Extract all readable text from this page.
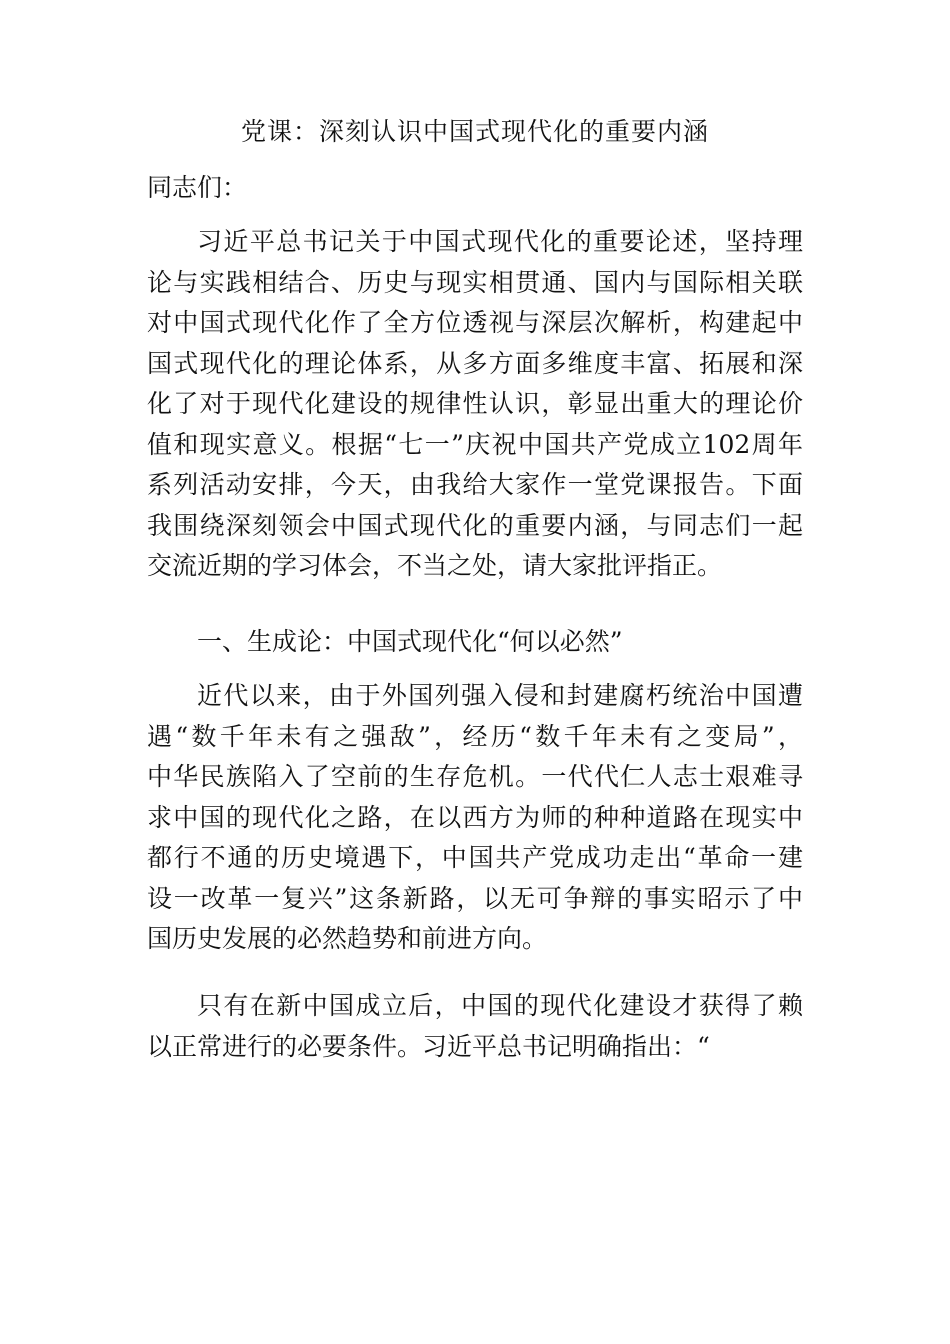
党课：深刻认识中国式现代化的重要内涵
同志们：
习近平总书记关于中国式现代化的重要论述，坚持理
论与实践相结合、历史与现实相贯通、国内与国际相关联
对中国式现代化作了全方位透视与深层次解析，构建起中
国式现代化的理论体系，从多方面多维度丰富、拓展和深
化了对于现代化建设的规律性认识，彰显出重大的理论价
值和现实意义。根据“七一”庆祝中国共产党成立102周年
系列活动安排，今天，由我给大家作一堂党课报告。下面
我围绕深刻领会中国式现代化的重要内涵，与同志们一起
交流近期的学习体会，不当之处，请大家批评指正。
一、生成论：中国式现代化“何以必然”
近代以来，由于外国列强入侵和封建腐朽统治中国遭
遇“数千年未有之强敌”，经历“数千年未有之变局”，
中华民族陷入了空前的生存危机。一代代仁人志士艰难寻
求中国的现代化之路，在以西方为师的种种道路在现实中
都行不通的历史境遇下，中国共产党成功走出“革命一建
设一改革一复兴”这条新路，以无可争辩的事实昭示了中
国历史发展的必然趋势和前进方向。
只有在新中国成立后，中国的现代化建设才获得了赖
以正常进行的必要条件。习近平总书记明确指出：“
